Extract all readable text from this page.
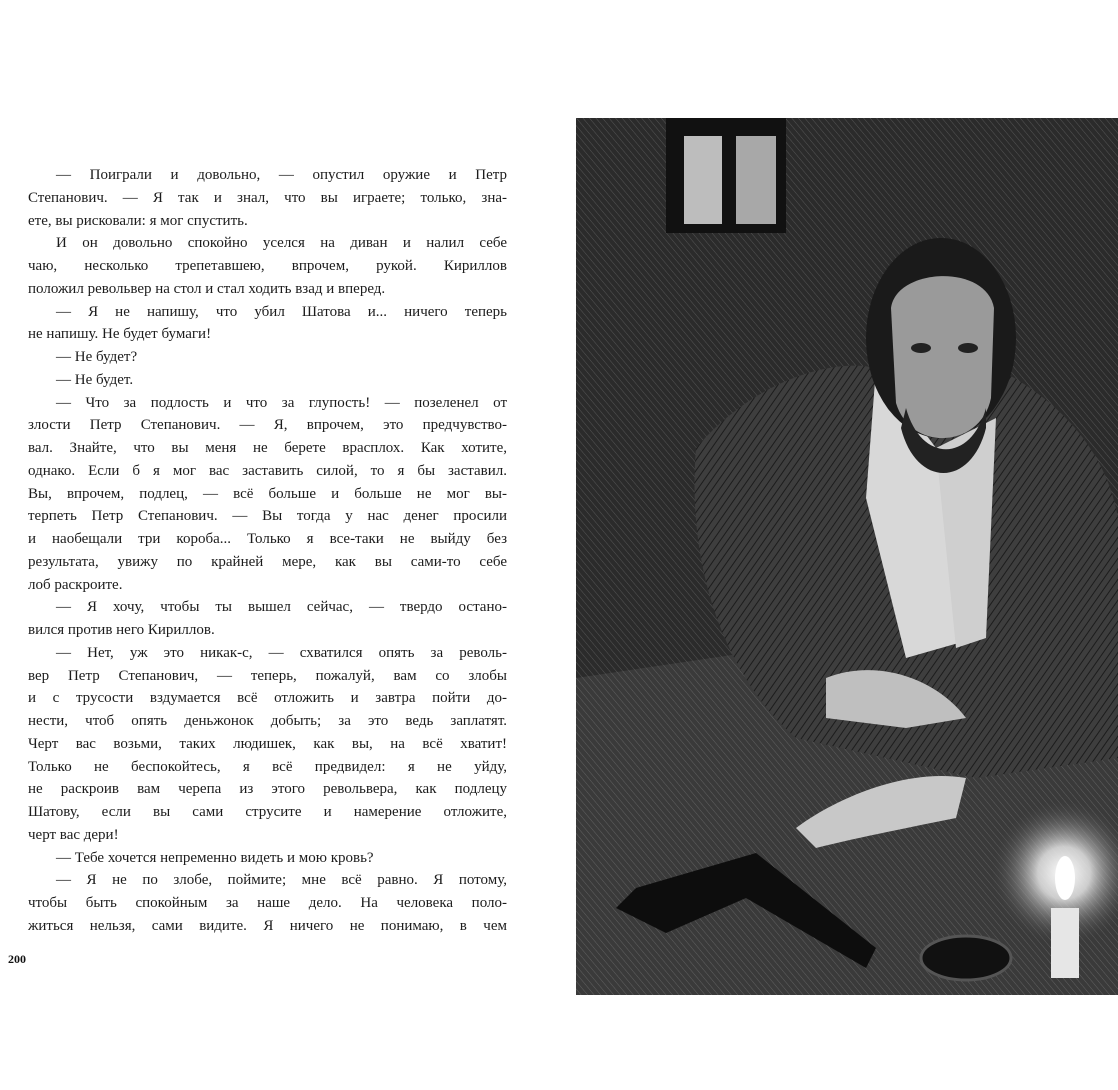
— Поиграли и довольно, — опустил оружие и Петр
Степанович. — Я так и знал, что вы играете; только, зна-
ете, вы рисковали: я мог спустить.
И он довольно спокойно уселся на диван и налил себе
чаю, несколько трепетавшею, впрочем, рукой. Кириллов
положил револьвер на стол и стал ходить взад и вперед.
— Я не напишу, что убил Шатова и... ничего теперь
не напишу. Не будет бумаги!
— Не будет?
— Не будет.
— Что за подлость и что за глупость! — позеленел от
злости Петр Степанович. — Я, впрочем, это предчувство-
вал. Знайте, что вы меня не берете врасплох. Как хотите,
однако. Если б я мог вас заставить силой, то я бы заставил.
Вы, впрочем, подлец, — всё больше и больше не мог вы-
терпеть Петр Степанович. — Вы тогда у нас денег просили
и наобещали три короба... Только я все-таки не выйду без
результата, увижу по крайней мере, как вы сами-то себе
лоб раскроите.
— Я хочу, чтобы ты вышел сейчас, — твердо остано-
вился против него Кириллов.
— Нет, уж это никак-с, — схватился опять за револь-
вер Петр Степанович, — теперь, пожалуй, вам со злобы
и с трусости вздумается всё отложить и завтра пойти до-
нести, чтоб опять деньжонок добыть; за это ведь заплатят.
Черт вас возьми, таких людишек, как вы, на всё хватит!
Только не беспокойтесь, я всё предвидел: я не уйду,
не раскроив вам черепа из этого револьвера, как подлецу
Шатову, если вы сами струсите и намерение отложите,
черт вас дери!
— Тебе хочется непременно видеть и мою кровь?
— Я не по злобе, поймите; мне всё равно. Я потому,
чтобы быть спокойным за наше дело. На человека поло-
житься нельзя, сами видите. Я ничего не понимаю, в чем
200
